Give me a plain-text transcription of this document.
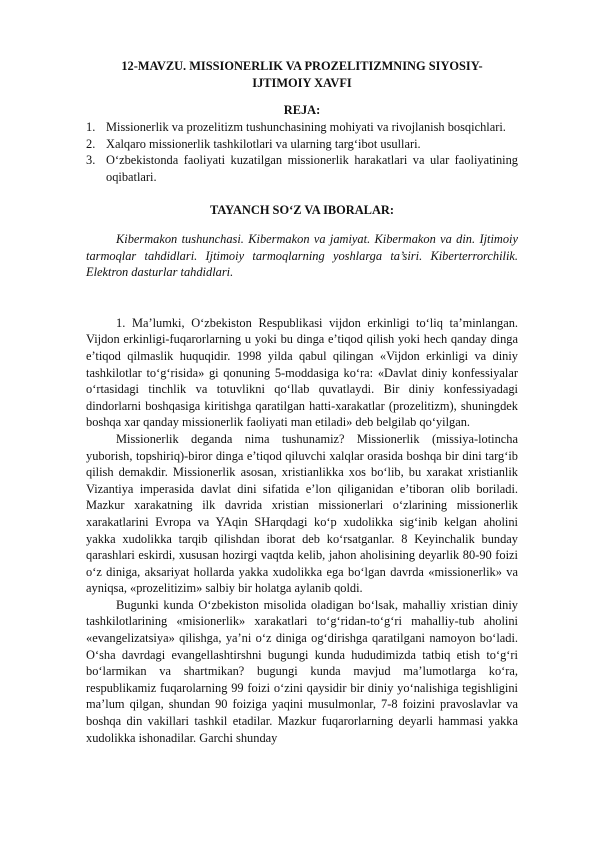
12-MAVZU. MISSIONERLIK VA PROZELITIZMNING SIYOSIY-
IJTIMOIY XAVFI

REJA:

1. Missionerlik va prozelitizm tushunchasining mohiyati va rivojlanish bosqichlari.
2. Xalqaro missionerlik tashkilotlari va ularning targ‘ibot usullari.
3. O‘zbekistonda faoliyati kuzatilgan missionerlik harakatlari va ular faoliyatining oqibatlari.

TAYANCH SO‘Z VA IBORALAR:

Kibermakon tushunchasi. Kibermakon va jamiyat. Kibermakon va din. Ijtimoiy tarmoqlar tahdidlari. Ijtimoiy tarmoqlarning yoshlarga ta’siri. Kiberterrorchilik. Elektron dasturlar tahdidlari.

1. Ma’lumki, O‘zbekiston Respublikasi vijdon erkinligi to‘liq ta’minlangan. Vijdon erkinligi-fuqarorlarning u yoki bu dinga e’tiqod qilish yoki hech qanday dinga e’tiqod qilmaslik huquqidir. 1998 yilda qabul qilingan «Vijdon erkinligi va diniy tashkilotlar to‘g‘risida» gi qonuning 5-moddasiga ko‘ra: «Davlat diniy konfessiyalar o‘rtasidagi tinchlik va totuvlikni qo‘llab quvatlaydi. Bir diniy konfessiyadagi dindorlarni boshqasiga kiritishga qaratilgan hatti-xarakatlar (prozelitizm), shuningdek boshqa xar qanday missionerlik faoliyati man etiladi» deb belgilab qo‘yilgan.

Missionerlik deganda nima tushunamiz? Missionerlik (missiya-lotincha yuborish, topshiriq)-biror dinga e’tiqod qiluvchi xalqlar orasida boshqa bir dini targ‘ib qilish demakdir. Missionerlik asosan, xristianlikka xos bo‘lib, bu xarakat xristianlik Vizantiya imperasida davlat dini sifatida e’lon qiliganidan e’tiboran olib boriladi. Mazkur xarakatning ilk davrida xristian missionerlari o‘zlarining missionerlik xarakatlarini Evropa va YAqin SHarqdagi ko‘p xudolikka sig‘inib kelgan aholini yakka xudolikka tarqib qilishdan iborat deb ko‘rsatganlar. 8 Keyinchalik bunday qarashlari eskirdi, xususan hozirgi vaqtda kelib, jahon aholisining deyarlik 80-90 foizi o‘z diniga, aksariyat hollarda yakka xudolikka ega bo‘lgan davrda «missionerlik» va ayniqsa, «prozelitizim» salbiy bir holatga aylanib qoldi.

Bugunki kunda O‘zbekiston misolida oladigan bo‘lsak, mahalliy xristian diniy tashkilotlarining «misionerlik» xarakatlari to‘g‘ridan-to‘g‘ri mahalliy-tub aholini «evangelizatsiya» qilishga, ya’ni o‘z diniga og‘dirishga qaratilgani namoyon bo‘ladi. O‘sha davrdagi evangellashtirshni bugungi kunda hududimizda tatbiq etish to‘g‘ri bo‘larmikan va shartmikan? bugungi kunda mavjud ma’lumotlarga ko‘ra, respublikamiz fuqarolarning 99 foizi o‘zini qaysidir bir diniy yo‘nalishiga tegishligini ma’lum qilgan, shundan 90 foiziga yaqini musulmonlar, 7-8 foizini pravoslavlar va boshqa din vakillari tashkil etadilar. Mazkur fuqarorlarning deyarli hammasi yakka xudolikka ishonadilar. Garchi shunday
